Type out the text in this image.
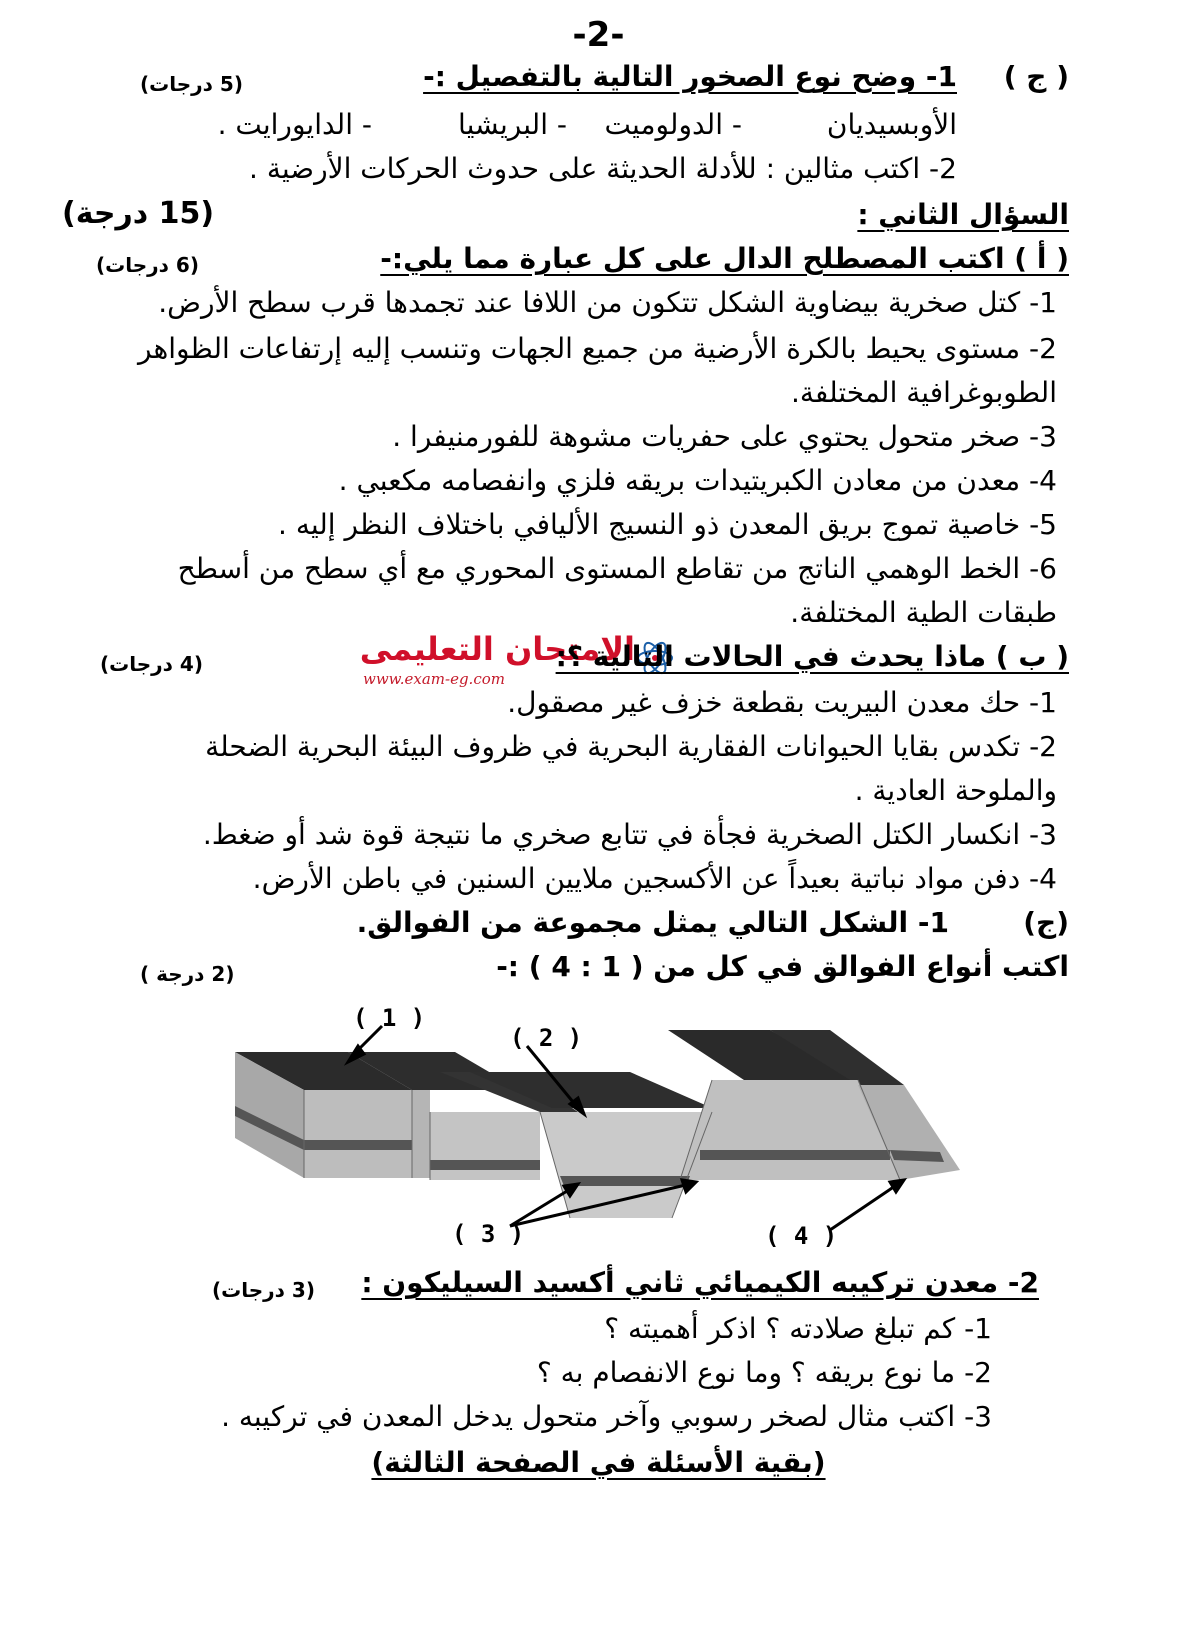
-2-
( ج )
1- وضح نوع الصخور التالية بالتفصيل :-
(5 درجات)
الأوبسيديان
- الدولوميت
- البريشيا
- الدايورايت .
2- اكتب مثالين : للأدلة الحديثة على حدوث الحركات الأرضية .
السؤال الثاني :
(15 درجة)
( أ ) اكتب المصطلح الدال على كل عبارة مما يلي:-
(6 درجات)
1- كتل صخرية بيضاوية الشكل تتكون من اللافا عند تجمدها قرب سطح الأرض.
2- مستوى يحيط بالكرة الأرضية من جميع الجهات وتنسب إليه إرتفاعات الظواهر
الطوبوغرافية المختلفة.
3- صخر متحول يحتوي على حفريات مشوهة للفورمنيفرا .
4- معدن من معادن الكبريتيدات بريقه فلزي وانفصامه مكعبي .
5- خاصية تموج بريق المعدن ذو النسيج الأليافي باختلاف النظر إليه .
6- الخط الوهمي الناتج من تقاطع المستوى المحوري مع أي سطح من أسطح
طبقات الطية المختلفة.
الامتحان التعليمى
www.exam-eg.com
( ب ) ماذا يحدث في الحالات التالية ؟:
(4 درجات)
1- حك معدن البيريت بقطعة خزف غير مصقول.
2- تكدس بقايا الحيوانات الفقارية البحرية في ظروف البيئة البحرية الضحلة
والملوحة العادية .
3- انكسار الكتل الصخرية فجأة في تتابع صخري ما نتيجة قوة شد أو ضغط.
4- دفن مواد نباتية بعيداً عن الأكسجين ملايين السنين في باطن الأرض.
(ج)
1- الشكل التالي يمثل مجموعة من الفوالق.
اكتب أنواع الفوالق في كل من ( 1 : 4 ) :-
(2 درجة )
( 1 )
( 2 )
( 3 )	( 4 )
2- معدن تركيبه الكيميائي ثاني أكسيد السيليكون :
(3 درجات)
1- كم تبلغ صلادته ؟ اذكر أهميته ؟
2- ما نوع بريقه ؟ وما نوع الانفصام به ؟
3- اكتب مثال لصخر رسوبي وآخر متحول يدخل المعدن في تركيبه .
(بقية الأسئلة في الصفحة الثالثة)
